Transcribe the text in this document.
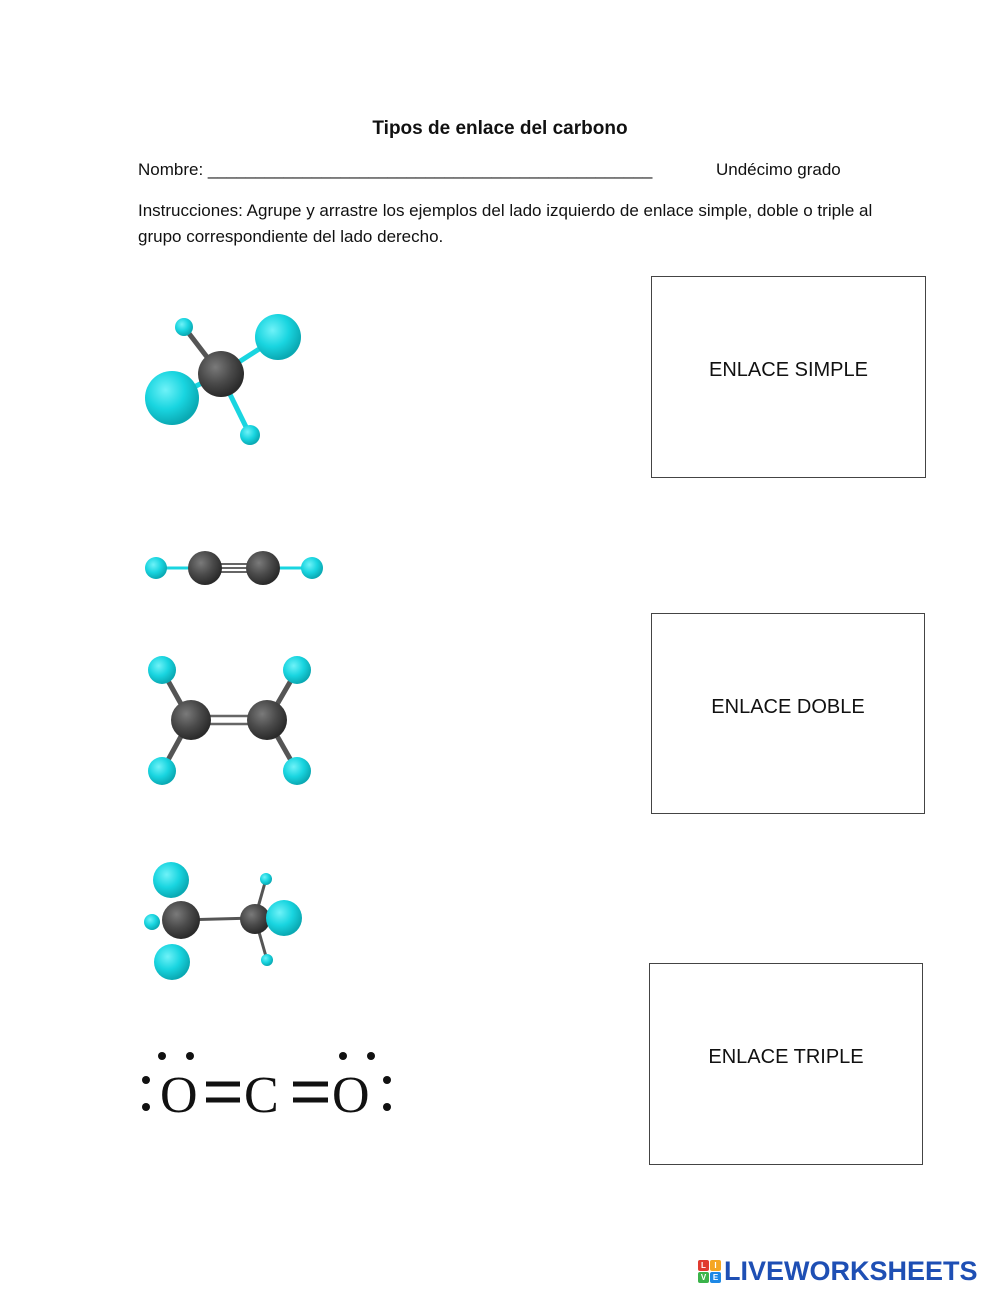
Tipos de enlace del carbono
Nombre: _______________________________________________	Undécimo grado
Instrucciones: Agrupe y arrastre los ejemplos del lado izquierdo de enlace simple, doble o triple al grupo correspondiente del lado derecho.
ENLACE SIMPLE
ENLACE DOBLE
ENLACE TRIPLE
O C O
L	I
V E LIVEWORKSHEETS
